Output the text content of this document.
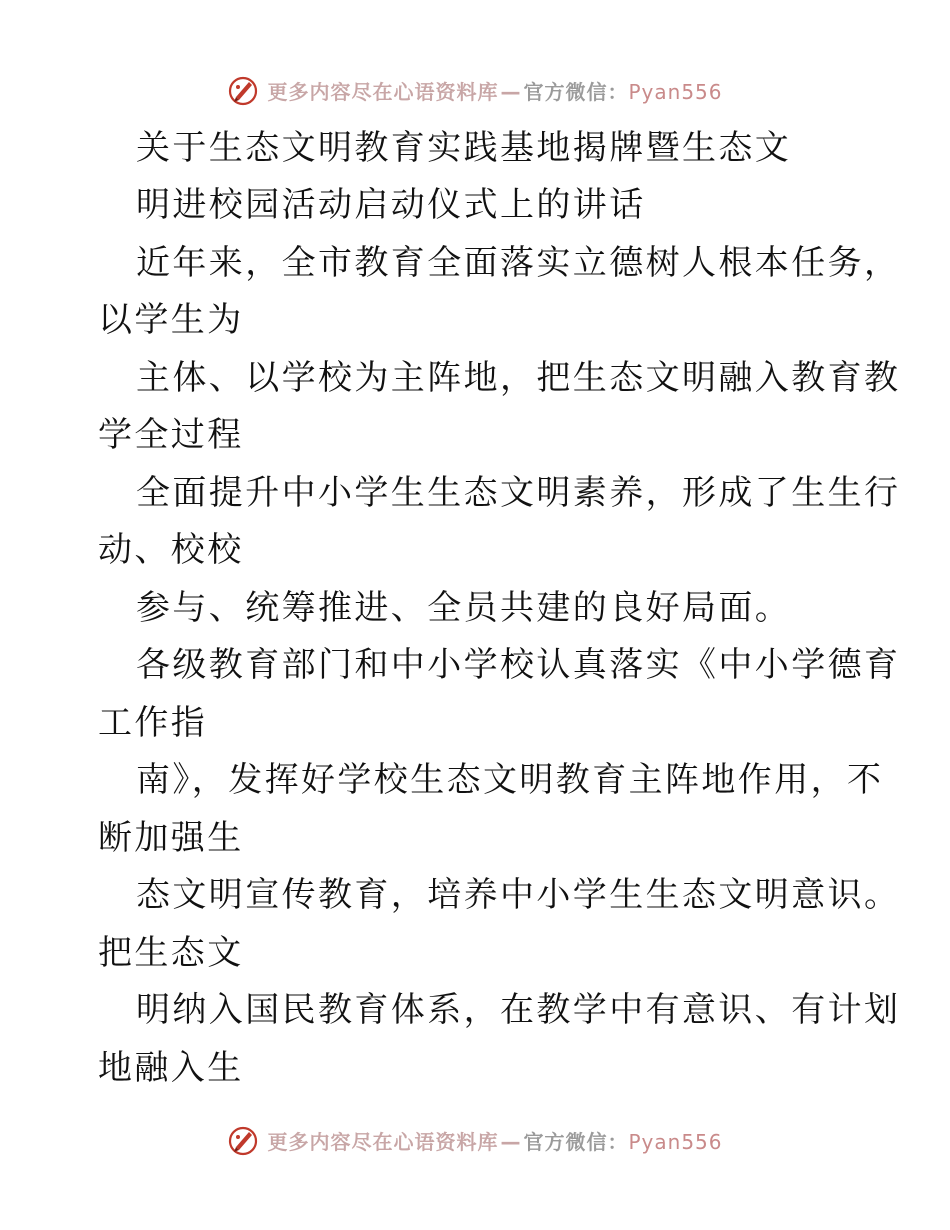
更多内容尽在心语资料库 — 官方微信：Pyan556
关于生态文明教育实践基地揭牌暨生态文
明进校园活动启动仪式上的讲话
近年来，全市教育全面落实立德树人根本任务，
以学生为
主体、以学校为主阵地，把生态文明融入教育教
学全过程
全面提升中小学生生态文明素养，形成了生生行
动、校校
参与、统筹推进、全员共建的良好局面。
各级教育部门和中小学校认真落实《中小学德育
工作指
南》，发挥好学校生态文明教育主阵地作用，不
断加强生
态文明宣传教育，培养中小学生生态文明意识。
把生态文
明纳入国民教育体系，在教学中有意识、有计划
地融入生
更多内容尽在心语资料库 — 官方微信：Pyan556
